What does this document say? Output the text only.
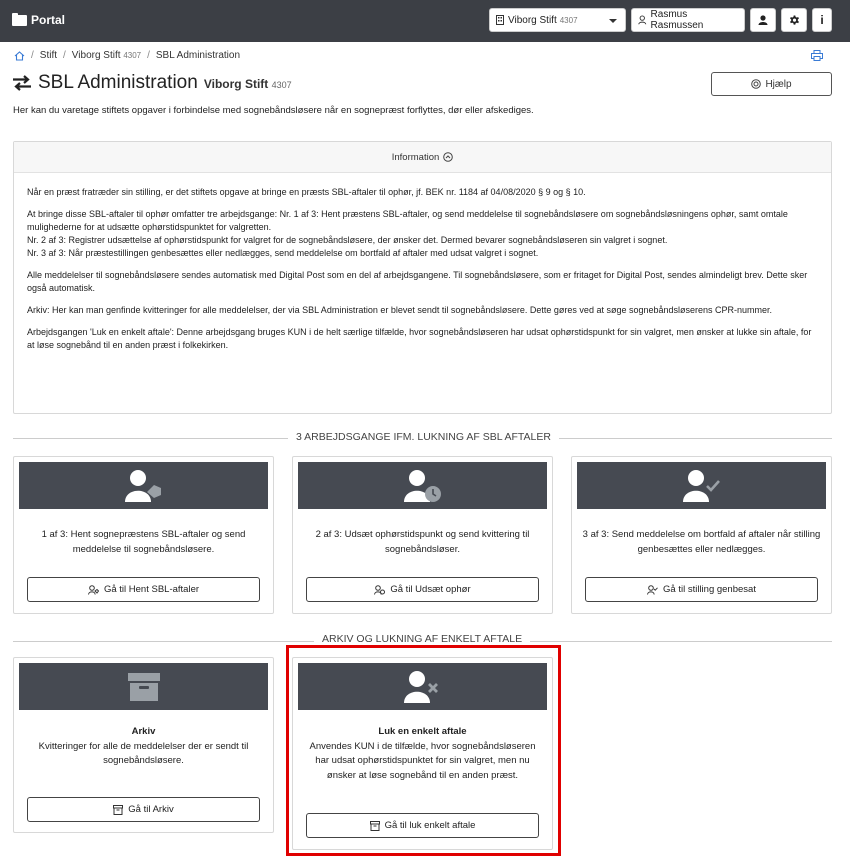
Portal	Viborg Stift 4307	Rasmus Rasmussen	i
/ Stift / Viborg Stift 4307 / SBL Administration
SBL Administration Viborg Stift 4307	Hjælp
Her kan du varetage stiftets opgaver i forbindelse med sognebåndsløsere når en sognepræst forflyttes, dør eller afskediges.
Information

Når en præst fratræder sin stilling, er det stiftets opgave at bringe en præsts SBL-aftaler til ophør, jf. BEK nr. 1184 af 04/08/2020 § 9 og § 10.

At bringe disse SBL-aftaler til ophør omfatter tre arbejdsgange: Nr. 1 af 3: Hent præstens SBL-aftaler, og send meddelelse til sognebåndsløsere om sognebåndsløsningens ophør, samt omtale mulighederne for at udsætte ophørstidspunktet for valgretten.

Nr. 2 af 3: Registrer udsættelse af ophørstidspunkt for valgret for de sognebåndsløsere, der ønsker det. Dermed bevarer sognebåndsløseren sin valgret i sognet.

Nr. 3 af 3: Når præstestillingen genbesættes eller nedlægges, send meddelelse om bortfald af aftaler med udsat valgret i sognet.

Alle meddelelser til sognebåndsløsere sendes automatisk med Digital Post som en del af arbejdsgangene. Til sognebåndsløsere, som er fritaget for Digital Post, sendes almindeligt brev. Dette sker også automatisk.

Arkiv: Her kan man genfinde kvitteringer for alle meddelelser, der via SBL Administration er blevet sendt til sognebåndsløsere. Dette gøres ved at søge sognebåndsløserens CPR-nummer.

Arbejdsgangen 'Luk en enkelt aftale': Denne arbejdsgang bruges KUN i de helt særlige tilfælde, hvor sognebåndsløseren har udsat ophørstidspunkt for sin valgret, men ønsker at lukke sin aftale, for at løse sognebånd til en anden præst i folkekirken.

3 ARBEJDSGANGE IFM. LUKNING AF SBL AFTALER
1 af 3: Hent sognepræstens SBL-aftaler og send meddelelse til sognebåndsløsere.
Gå til Hent SBL-aftaler
2 af 3: Udsæt ophørstidspunkt og send kvittering til sognebåndsløser.
Gå til Udsæt ophør
3 af 3: Send meddelelse om bortfald af aftaler når stilling genbesættes eller nedlægges.
Gå til stilling genbesat
ARKIV OG LUKNING AF ENKELT AFTALE
Arkiv
Kvitteringer for alle de meddelelser der er sendt til sognebåndsløsere.
Gå til Arkiv
Luk en enkelt aftale
Anvendes KUN i de tilfælde, hvor sognebåndsløseren har udsat ophørstidspunktet for sin valgret, men nu ønsker at løse sognebånd til en anden præst.
Gå til luk enkelt aftale
